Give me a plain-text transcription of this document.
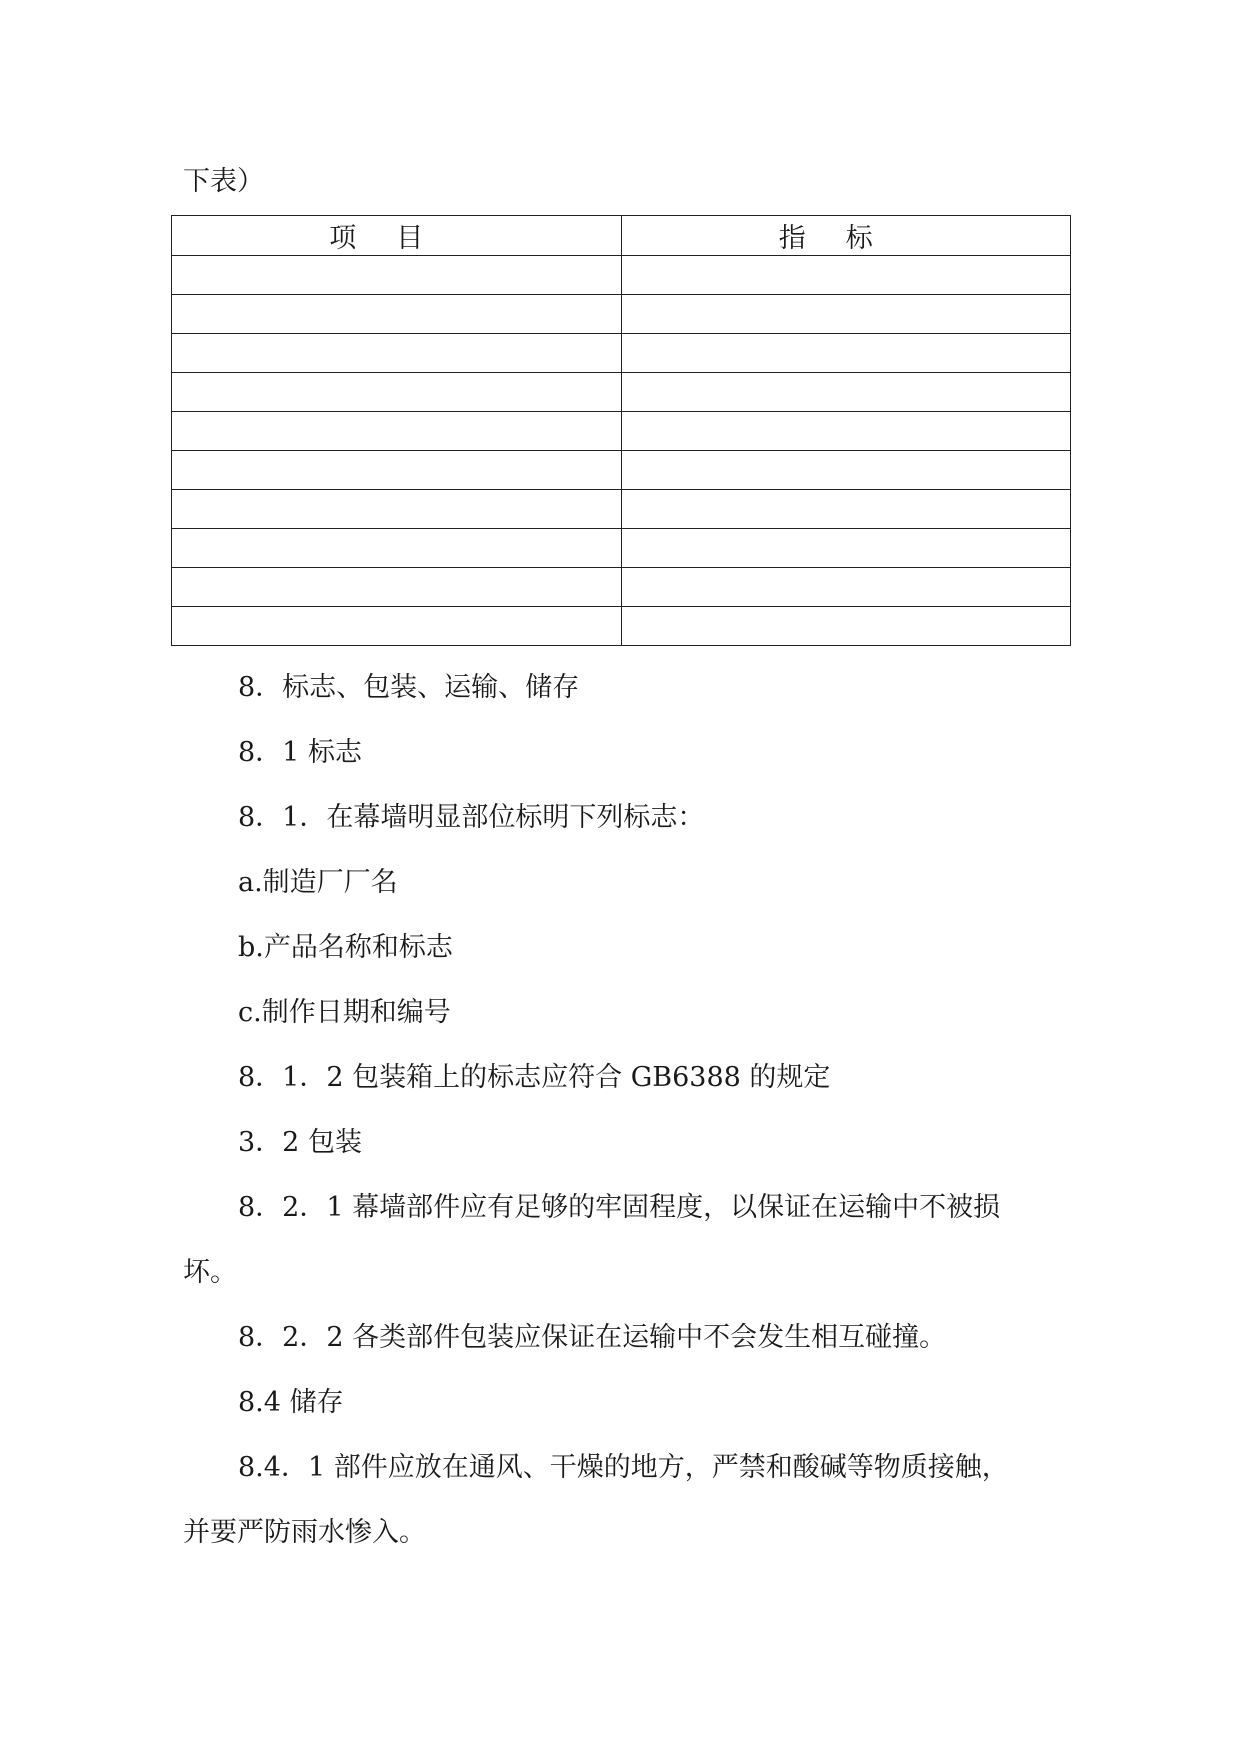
下表）

项目	指标

8．标志、包装、运输、储存

8．1 标志

8．1．在幕墙明显部位标明下列标志：

a.制造厂厂名

b.产品名称和标志

c.制作日期和编号

8．1．2 包装箱上的标志应符合 GB6388 的规定

3．2 包装

8．2．1 幕墙部件应有足够的牢固程度，以保证在运输中不被损

坏。

8．2．2 各类部件包装应保证在运输中不会发生相互碰撞。

8.4 储存

8.4．1 部件应放在通风、干燥的地方，严禁和酸碱等物质接触，

并要严防雨水惨入。
